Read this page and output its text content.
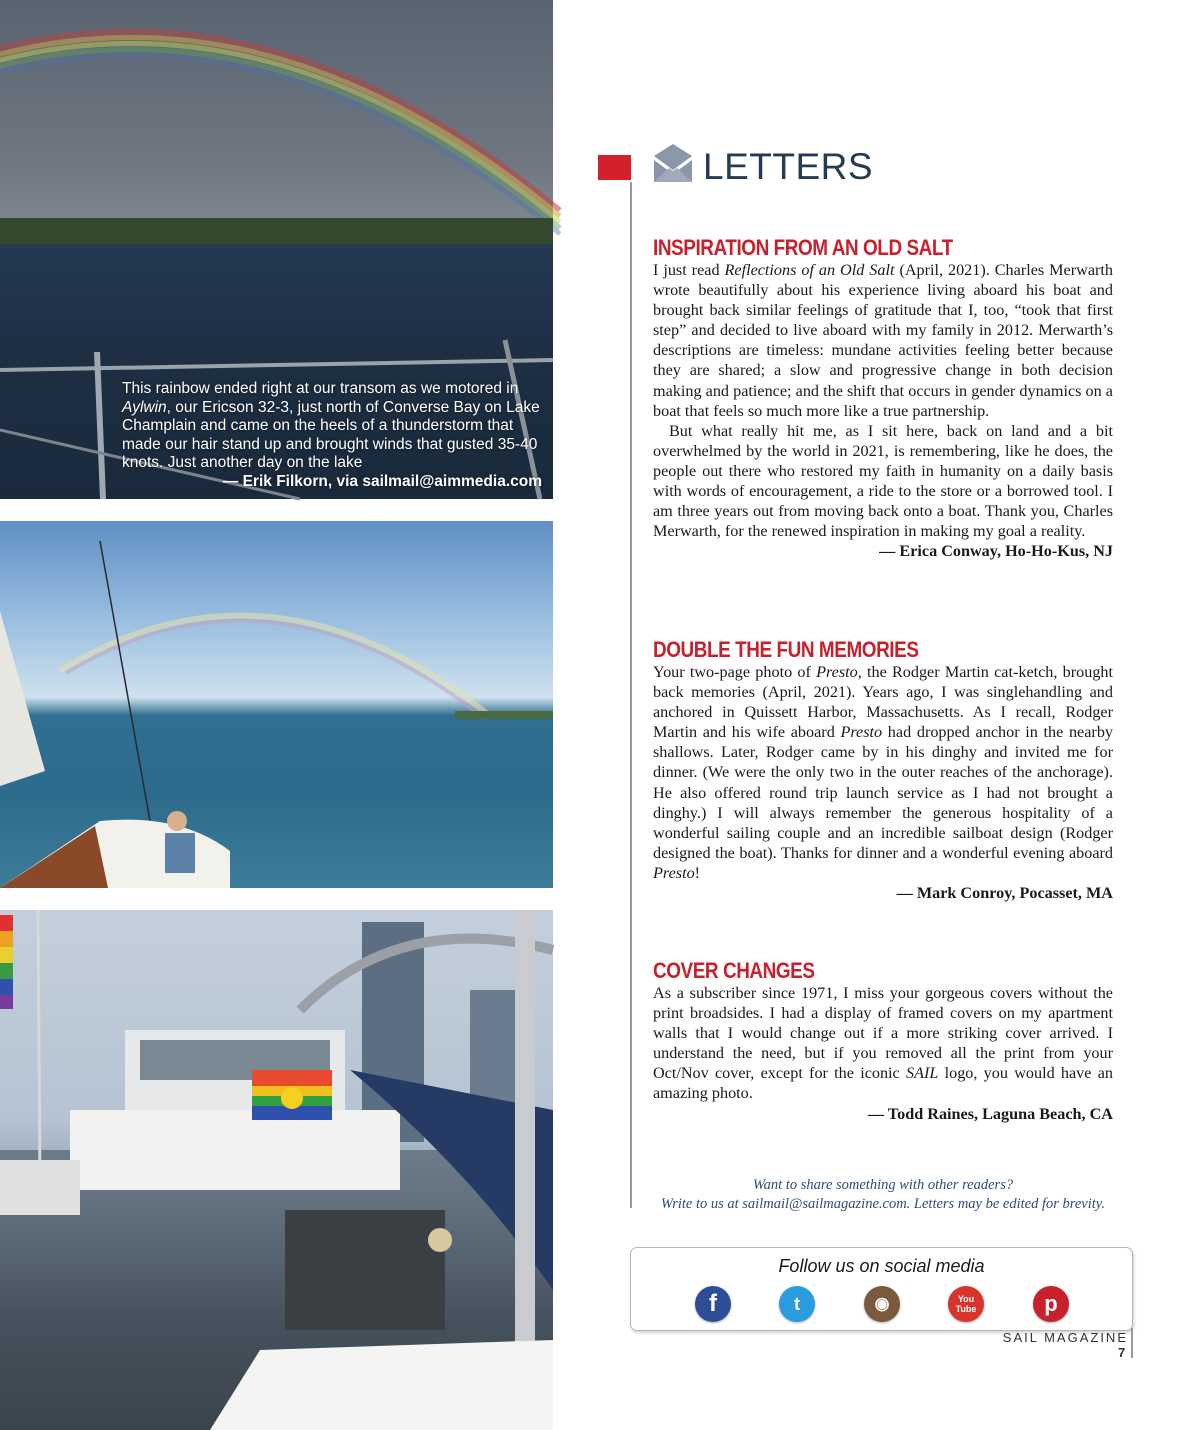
This rainbow ended right at our transom as we motored in Aylwin, our Ericson 32-3, just north of Converse Bay on Lake Champlain and came on the heels of a thunderstorm that made our hair stand up and brought winds that gusted 35-40 knots. Just another day on the lake
— Erik Filkorn, via sailmail@aimmedia.com
LETTERS
INSPIRATION FROM AN OLD SALT

I just read Reflections of an Old Salt (April, 2021). Charles Merwarth wrote beautifully about his experience living aboard his boat and brought back similar feelings of gratitude that I, too, “took that first step” and decided to live aboard with my family in 2012. Merwarth’s descriptions are timeless: mundane activities feeling better because they are shared; a slow and progressive change in both decision making and patience; and the shift that occurs in gender dynamics on a boat that feels so much more like a true partnership.

But what really hit me, as I sit here, back on land and a bit overwhelmed by the world in 2021, is remembering, like he does, the people out there who restored my faith in humanity on a daily basis with words of encouragement, a ride to the store or a borrowed tool. I am three years out from moving back onto a boat. Thank you, Charles Merwarth, for the renewed inspiration in making my goal a reality.

— Erica Conway, Ho-Ho-Kus, NJ
DOUBLE THE FUN MEMORIES

Your two-page photo of Presto, the Rodger Martin cat-ketch, brought back memories (April, 2021). Years ago, I was singlehandling and anchored in Quissett Harbor, Massachusetts. As I recall, Rodger Martin and his wife aboard Presto had dropped anchor in the nearby shallows. Later, Rodger came by in his dinghy and invited me for dinner. (We were the only two in the outer reaches of the anchorage). He also offered round trip launch service as I had not brought a dinghy.) I will always remember the generous hospitality of a wonderful sailing couple and an incredible sailboat design (Rodger designed the boat). Thanks for dinner and a wonderful evening aboard Presto!

— Mark Conroy, Pocasset, MA
COVER CHANGES

As a subscriber since 1971, I miss your gorgeous covers without the print broadsides. I had a display of framed covers on my apartment walls that I would change out if a more striking cover arrived. I understand the need, but if you removed all the print from your Oct/Nov cover, except for the iconic SAIL logo, you would have an amazing photo.

— Todd Raines, Laguna Beach, CA
Want to share something with other readers?
Write to us at sailmail@sailmagazine.com. Letters may be edited for brevity.
Follow us on social media
f	t	◉	You
Tube	p
SAIL MAGAZINE
7
